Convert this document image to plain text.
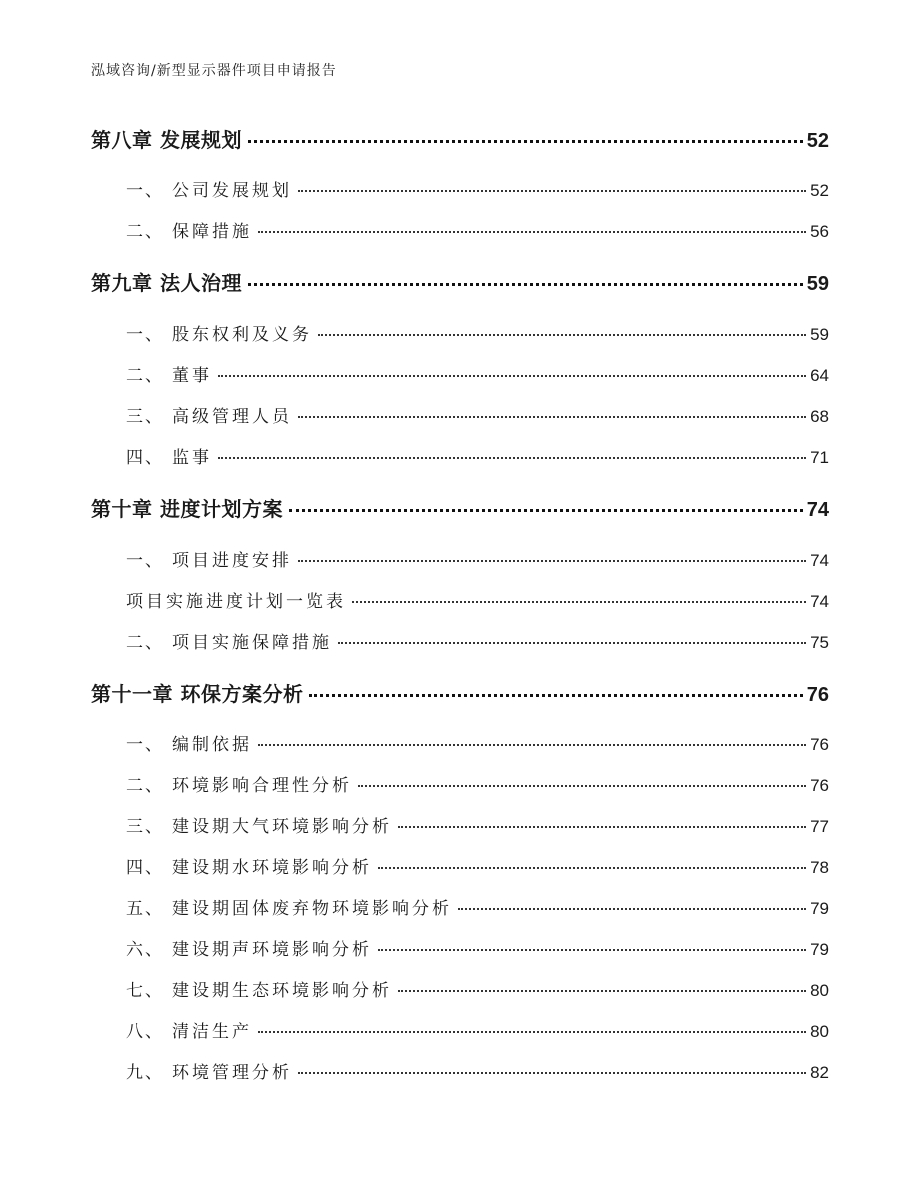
泓域咨询/新型显示器件项目申请报告
第八章 发展规划	52
一、 公司发展规划	52
二、 保障措施	56
第九章 法人治理	59
一、 股东权利及义务	59
二、 董事	64
三、 高级管理人员	68
四、 监事	71
第十章 进度计划方案	74
一、 项目进度安排	74
项目实施进度计划一览表	74
二、 项目实施保障措施	75
第十一章 环保方案分析	76
一、 编制依据	76
二、 环境影响合理性分析	76
三、 建设期大气环境影响分析	77
四、 建设期水环境影响分析	78
五、 建设期固体废弃物环境影响分析	79
六、 建设期声环境影响分析	79
七、 建设期生态环境影响分析	80
八、 清洁生产	80
九、 环境管理分析	82
